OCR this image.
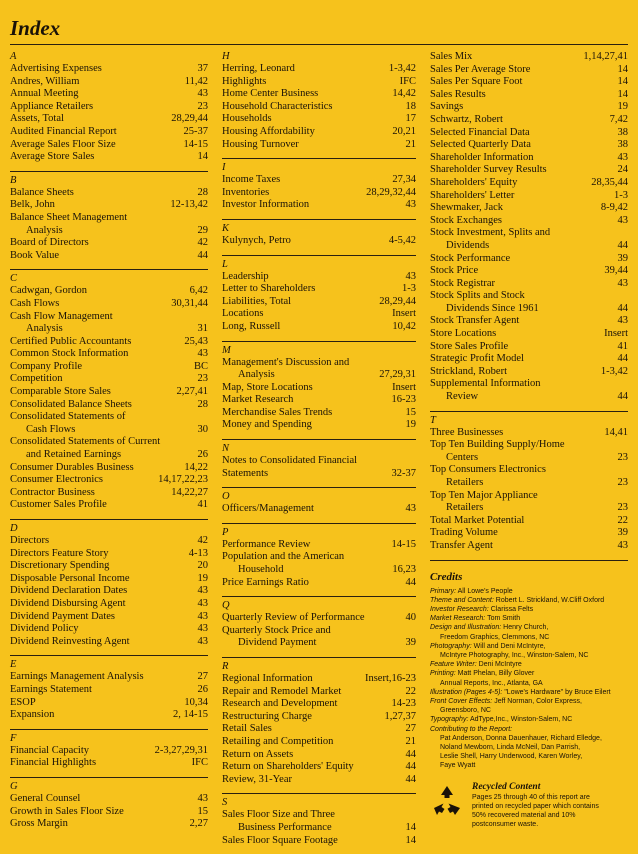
Index
A
Advertising Expenses	37
Andres, William	11,42
Annual Meeting	43
Appliance Retailers	23
Assets, Total	28,29,44
Audited Financial Report	25-37
Average Sales Floor Size	14-15
Average Store Sales	14
B
Balance Sheets	28
Belk, John	12-13,42
Balance Sheet Management
Analysis	29
Board of Directors	42
Book Value	44
C
Cadwgan, Gordon	6,42
Cash Flows	30,31,44
Cash Flow Management
Analysis	31
Certified Public Accountants	25,43
Common Stock Information	43
Company Profile	BC
Competition	23
Comparable Store Sales	2,27,41
Consolidated Balance Sheets	28
Consolidated Statements of
Cash Flows	30
Consolidated Statements of Current
and Retained Earnings	26
Consumer Durables Business	14,22
Consumer Electronics	14,17,22,23
Contractor Business	14,22,27
Customer Sales Profile	41
D
Directors	42
Directors Feature Story	4-13
Discretionary Spending	20
Disposable Personal Income	19
Dividend Declaration Dates	43
Dividend Disbursing Agent	43
Dividend Payment Dates	43
Dividend Policy	43
Dividend Reinvesting Agent	43
E
Earnings Management Analysis	27
Earnings Statement	26
ESOP	10,34
Expansion	2, 14-15
F
Financial Capacity	2-3,27,29,31
Financial Highlights	IFC
G
General Counsel	43
Growth in Sales Floor Size	15
Gross Margin	2,27
H
Herring, Leonard	1-3,42
Highlights	IFC
Home Center Business	14,42
Household Characteristics	18
Households	17
Housing Affordability	20,21
Housing Turnover	21
I
Income Taxes	27,34
Inventories	28,29,32,44
Investor Information	43
K
Kulynych, Petro	4-5,42
L
Leadership	43
Letter to Shareholders	1-3
Liabilities, Total	28,29,44
Locations	Insert
Long, Russell	10,42
M
Management's Discussion and
Analysis	27,29,31
Map, Store Locations	Insert
Market Research	16-23
Merchandise Sales Trends	15
Money and Spending	19
N
Notes to Consolidated Financial
Statements	32-37
O
Officers/Management	43
P
Performance Review	14-15
Population and the American
Household	16,23
Price Earnings Ratio	44
Q
Quarterly Review of Performance	40
Quarterly Stock Price and
Dividend Payment	39
R
Regional Information	Insert,16-23
Repair and Remodel Market	22
Research and Development	14-23
Restructuring Charge	1,27,37
Retail Sales	27
Retailing and Competition	21
Return on Assets	44
Return on Shareholders' Equity	44
Review, 31-Year	44
S
Sales Floor Size and Three
Business Performance	14
Sales Floor Square Footage	14
Sales Mix	1,14,27,41
Sales Per Average Store	14
Sales Per Square Foot	14
Sales Results	14
Savings	19
Schwartz, Robert	7,42
Selected Financial Data	38
Selected Quarterly Data	38
Shareholder Information	43
Shareholder Survey Results	24
Shareholders' Equity	28,35,44
Shareholders' Letter	1-3
Shewmaker, Jack	8-9,42
Stock Exchanges	43
Stock Investment, Splits and
Dividends	44
Stock Performance	39
Stock Price	39,44
Stock Registrar	43
Stock Splits and Stock
Dividends Since 1961	44
Stock Transfer Agent	43
Store Locations	Insert
Store Sales Profile	41
Strategic Profit Model	44
Strickland, Robert	1-3,42
Supplemental Information
Review	44
T
Three Businesses	14,41
Top Ten Building Supply/Home
Centers	23
Top Consumers Electronics
Retailers	23
Top Ten Major Appliance
Retailers	23
Total Market Potential	22
Trading Volume	39
Transfer Agent	43
Credits
Primary: All Lowe's People
Theme and Content: Robert L. Strickland, W.Cliff Oxford
Investor Research: Clarissa Felts
Market Research: Tom Smith
Design and Illustration: Henry Church,
Freedom Graphics, Clemmons, NC
Photography: Will and Deni McIntyre,
McIntyre Photography, Inc., Winston-Salem, NC
Feature Writer: Deni McIntyre
Printing: Matt Phelan, Billy Glover
Annual Reports, Inc., Atlanta, GA
Illustration (Pages 4-5): "Lowe's Hardware" by Bruce Eilert
Front Cover Effects: Jeff Norman, Color Express,
Greensboro, NC
Typography: AdType,Inc., Winston-Salem, NC
Contributing to the Report:
Pat Anderson, Donna Dauenhauer, Richard Elledge,
Noland Mewborn, Linda McNeil, Dan Parrish,
Leslie Shell, Harry Underwood, Karen Worley,
Faye Wyatt
Recycled Content
Pages 25 through 40 of this report are
printed on recycled paper which contains
50% recovered material and 10%
postconsumer waste.
